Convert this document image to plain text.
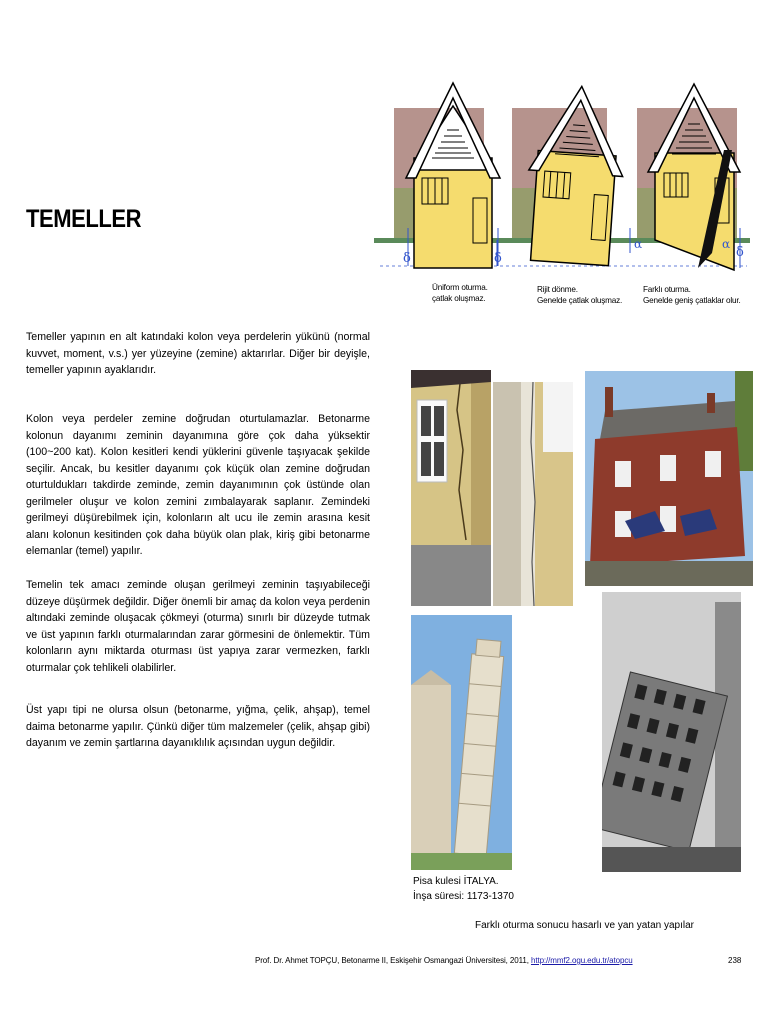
TEMELLER
Temeller yapının en alt katındaki kolon veya perdelerin yükünü (normal kuvvet, moment, v.s.) yer yüzeyine (zemine) aktarırlar. Diğer bir deyişle, temeller yapının ayaklarıdır.
Kolon veya perdeler zemine doğrudan oturtulamazlar. Betonarme kolonun dayanımı zeminin dayanımına göre çok daha yüksektir (100~200 kat). Kolon kesitleri kendi yüklerini güvenle taşıyacak şekilde seçilir. Ancak, bu kesitler dayanımı çok küçük olan zemine doğrudan oturtuldukları takdirde zeminde, zemin dayanımının çok üstünde olan gerilmeler oluşur ve kolon zemini zımbalayarak saplanır. Zemindeki gerilmeyi düşürebilmek için, kolonların alt ucu ile zemin arasına kesit alanı kolonun kesitinden çok daha büyük olan plak, kiriş gibi betonarme elemanlar (temel) yapılır.
Temelin tek amacı zeminde oluşan gerilmeyi zeminin taşıyabileceği düzeye düşürmek değildir. Diğer önemli bir amaç da kolon veya perdenin altındaki zeminde oluşacak çökmeyi (oturma) sınırlı bir düzeyde tutmak ve üst yapının farklı oturmalarından zarar görmesini de önlemektir. Tüm kolonların aynı miktarda oturması üst yapıya zarar vermezken, farklı oturmalar çok tehlikeli olabilirler.
Üst yapı tipi ne olursa olsun (betonarme, yığma, çelik, ahşap), temel daima betonarme yapılır. Çünkü diğer tüm malzemeler (çelik, ahşap gibi) dayanım ve zemin şartlarına dayanıklılık açısından uygun değildir.
δ	δ
α	α
δ
Üniform oturma.
çatlak oluşmaz.
Rijit dönme.
Genelde çatlak oluşmaz.
Farklı oturma.
Genelde geniş çatlaklar olur.
Pisa kulesi İTALYA.
İnşa süresi: 1173-1370
Farklı oturma sonucu hasarlı ve yan yatan yapılar
Prof. Dr. Ahmet TOPÇU, Betonarme II, Eskişehir Osmangazi Üniversitesi, 2011, http://mmf2.ogu.edu.tr/atopcu	238
